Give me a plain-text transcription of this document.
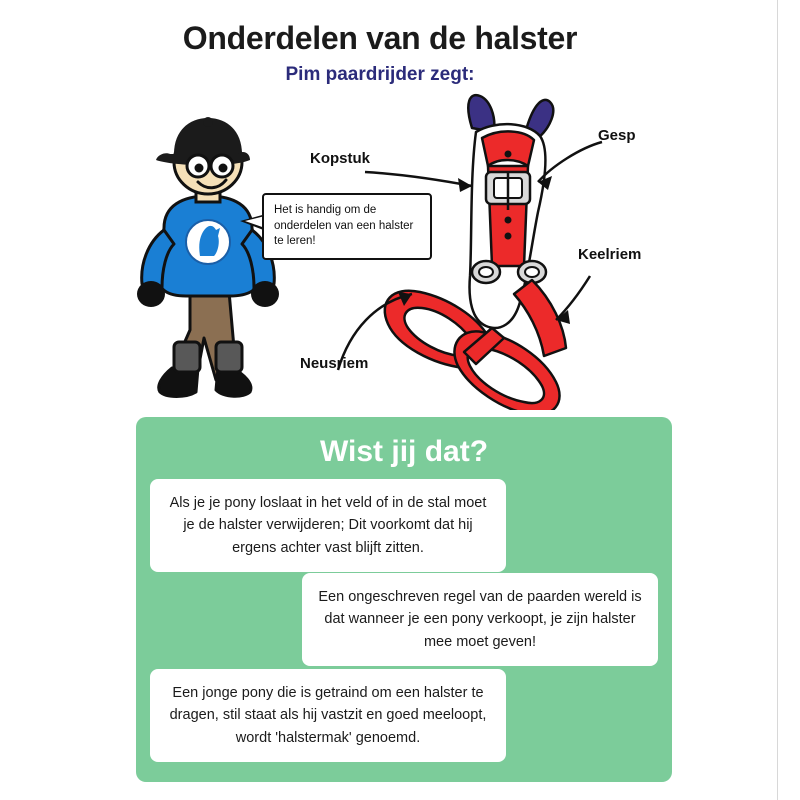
Onderdelen van de halster
Pim paardrijder zegt:
Kopstuk
Gesp
Keelriem
Neusriem
Het is handig om de onderdelen van een halster te leren!
Wist jij dat?
Als je je pony loslaat in het veld of in de stal moet je de halster verwijderen; Dit voorkomt dat hij ergens achter vast blijft zitten.
Een ongeschreven regel van de paarden wereld is dat wanneer je een pony verkoopt, je zijn halster mee moet geven!
Een jonge pony die is getraind om een halster te dragen, stil staat als hij vastzit en goed meeloopt, wordt 'halstermak' genoemd.
